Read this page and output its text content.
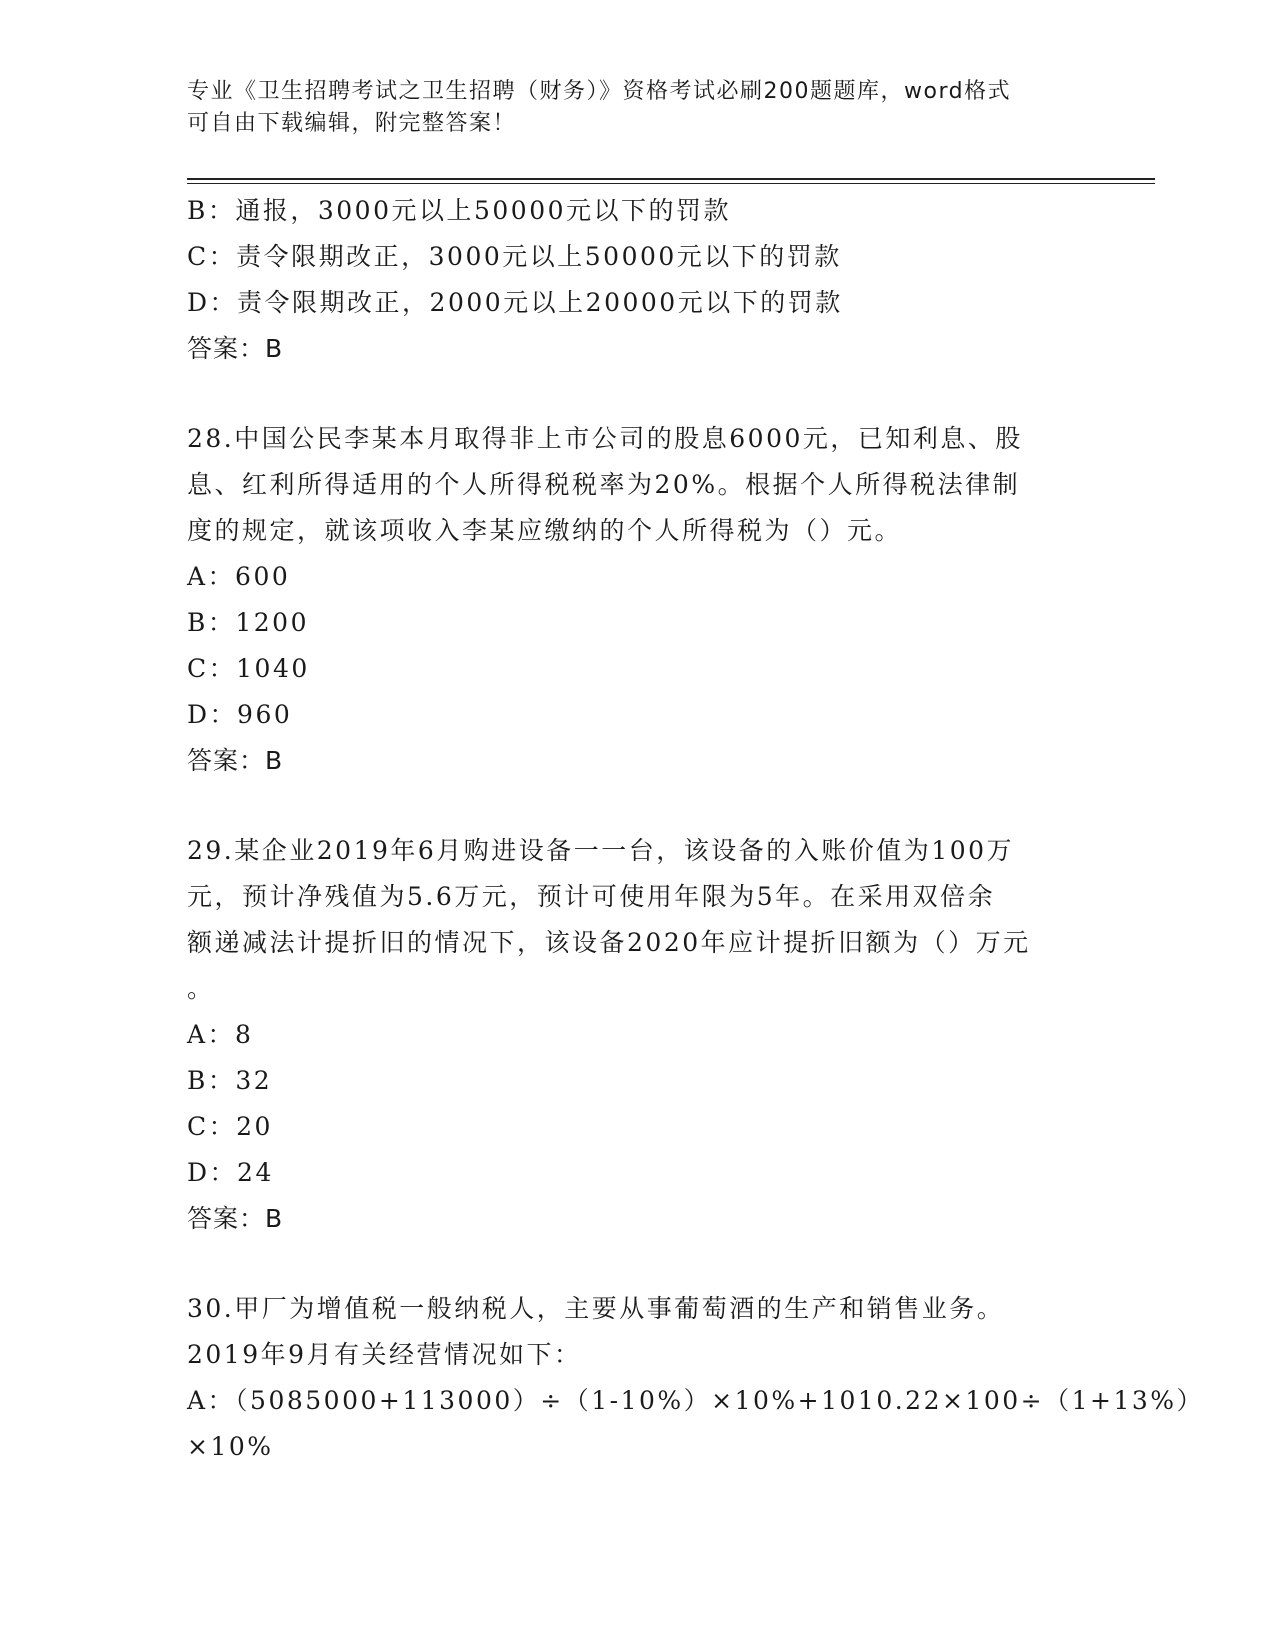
专业《卫生招聘考试之卫生招聘（财务）》资格考试必刷200题题库，word格式
可自由下载编辑，附完整答案！
B：通报，3000元以上50000元以下的罚款
C：责令限期改正，3000元以上50000元以下的罚款
D：责令限期改正，2000元以上20000元以下的罚款
答案：B
28.中国公民李某本月取得非上市公司的股息6000元，已知利息、股
息、红利所得适用的个人所得税税率为20%。根据个人所得税法律制
度的规定，就该项收入李某应缴纳的个人所得税为（）元。
A：600
B：1200
C：1040
D：960
答案：B
29.某企业2019年6月购进设备一一台，该设备的入账价值为100万
元，预计净残值为5.6万元，预计可使用年限为5年。在采用双倍余
额递减法计提折旧的情况下，该设备2020年应计提折旧额为（）万元
。
A：8
B：32
C：20
D：24
答案：B
30.甲厂为增值税一般纳税人，主要从事葡萄酒的生产和销售业务。
2019年9月有关经营情况如下：
A：（5085000+113000）÷（1-10%）×10%+1010.22×100÷（1+13%）
×10%
